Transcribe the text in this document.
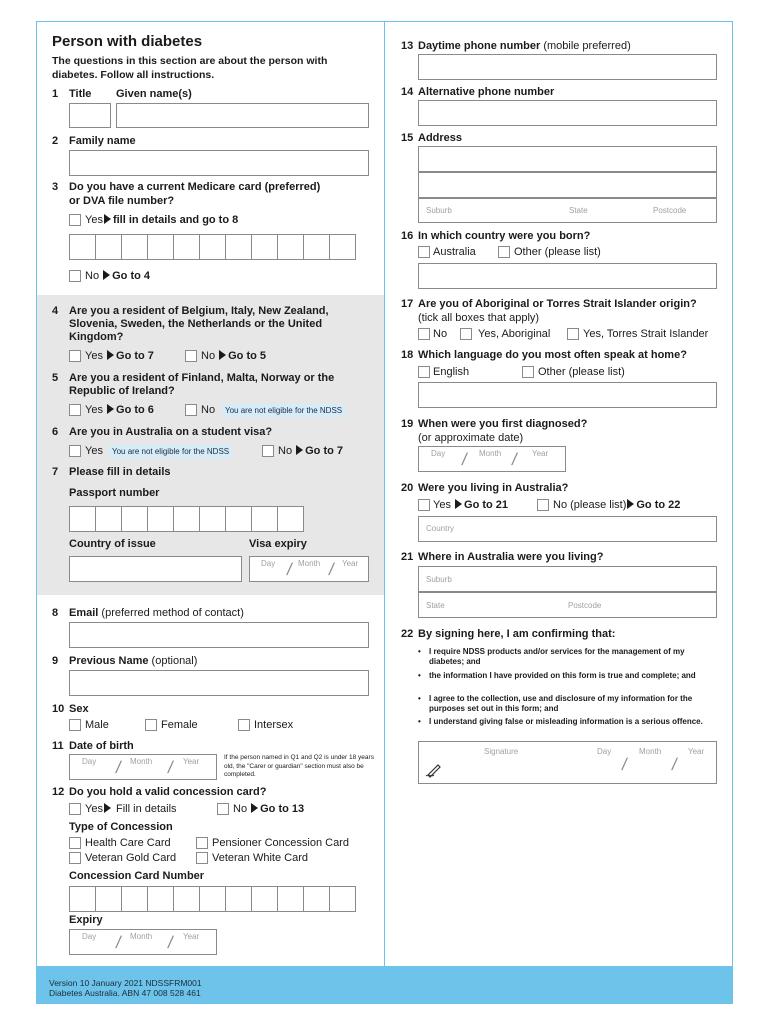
Person with diabetes
The questions in this section are about the person with diabetes. Follow all instructions.
1 Title Given name(s)
2 Family name
3 Do you have a current Medicare card (preferred)
or DVA file number?
Yes fill in details and go to 8
No Go to 4
4 Are you a resident of Belgium, Italy, New Zealand,
Slovenia, Sweden, the Netherlands or the United
Kingdom?
Yes Go to 7	No Go to 5
5 Are you a resident of Finland, Malta, Norway or the
Republic of Ireland?
Yes Go to 6	No	You are not eligible for the NDSS
6 Are you in Australia on a student visa?
Yes	You are not eligible for the NDSS	No Go to 7
7 Please fill in details
Passport number
Country of issue	Visa expiry
Day / Month / Year
8 Email (preferred method of contact)
9 Previous Name (optional)
10 Sex
Male	Female	Intersex
11 Date of birth
Day / Month / Year	If the person named in Q1 and Q2 is under 18 years old, the "Carer or guardian" section must also be completed.
12 Do you hold a valid concession card?
Yes Fill in details	No Go to 13
Type of Concession
Health Care Card	Pensioner Concession Card
Veteran Gold Card	Veteran White Card
Concession Card Number
Expiry
Day / Month / Year
13 Daytime phone number (mobile preferred)
14 Alternative phone number
15 Address
Suburb	State	Postcode
16 In which country were you born?
Australia	Other (please list)
17 Are you of Aboriginal or Torres Strait Islander origin?
(tick all boxes that apply)
No	Yes, Aboriginal	Yes, Torres Strait Islander
18 Which language do you most often speak at home?
English	Other (please list)
19 When were you first diagnosed?
(or approximate date)
Day / Month / Year
20 Were you living in Australia?
Yes Go to 21	No (please list) Go to 22
Country
21 Where in Australia were you living?
Suburb
State	Postcode
22 By signing here, I am confirming that:
• I require NDSS products and/or services for the management of my diabetes; and
• the information I have provided on this form is true and complete; and
• I agree to the collection, use and disclosure of my information for the purposes set out in this form; and
• I understand giving false or misleading information is a serious offence.
Signature	Day
/
Month
/
Year
Version 10 January 2021 NDSSFRM001
Diabetes Australia. ABN 47 008 528 461
